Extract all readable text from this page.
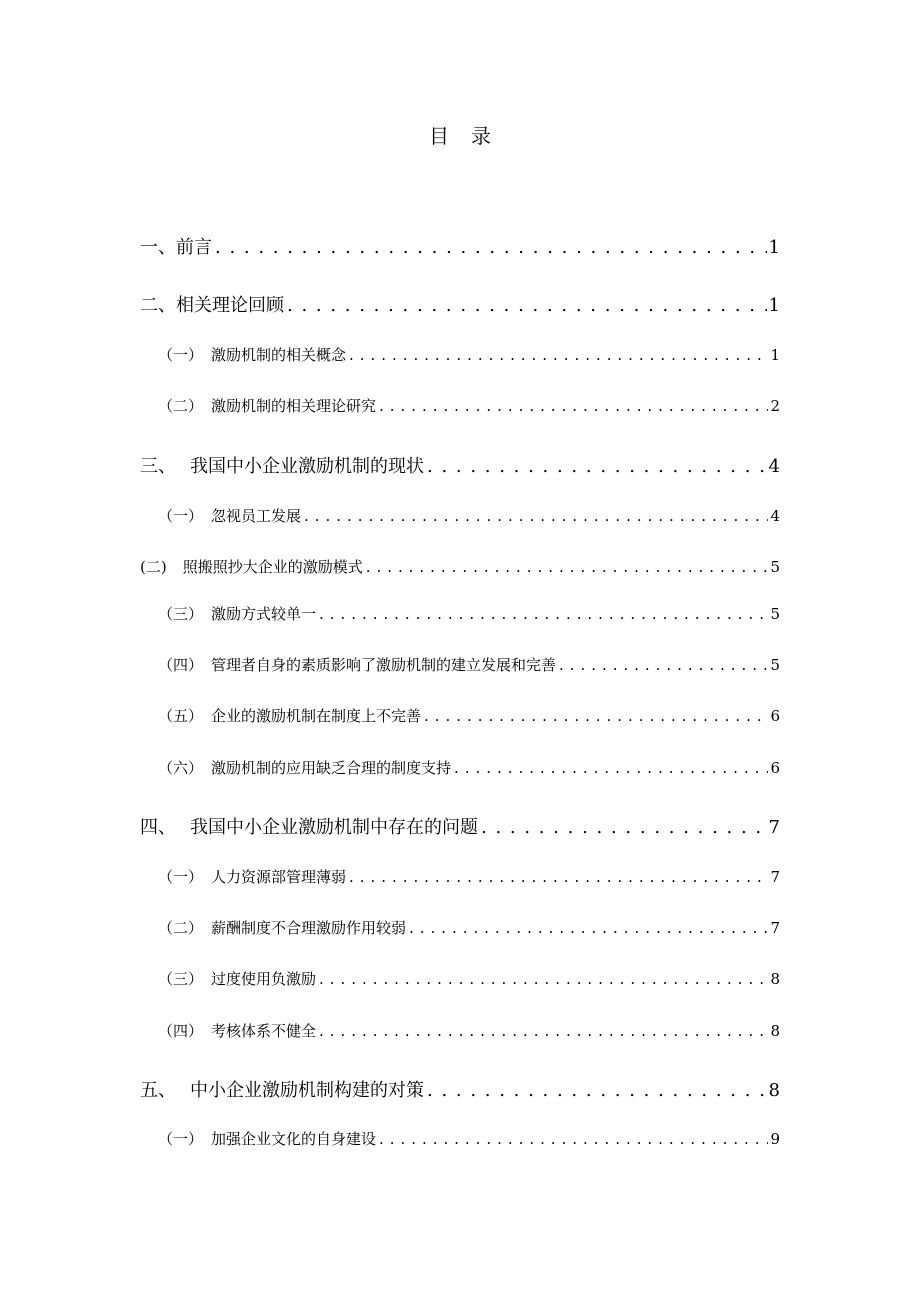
目 录
一、 前言 . . .	1
二、 相关理论回顾 . . .	1
（一） 激励机制的相关概念 . . .	1
（二） 激励机制的相关理论研究 . . .	2
三、 我国中小企业激励机制的现状 . . .	4
（一） 忽视员工发展 . . .	4
(二) 照搬照抄大企业的激励模式 . . .	5
（三） 激励方式较单一 . . .	5
（四） 管理者自身的素质影响了激励机制的建立发展和完善 . . .	5
（五） 企业的激励机制在制度上不完善 . . .	6
（六） 激励机制的应用缺乏合理的制度支持 . . .	6
四、 我国中小企业激励机制中存在的问题 . . .	7
（一） 人力资源部管理薄弱 . . .	7
（二） 薪酬制度不合理激励作用较弱 . . .	7
（三） 过度使用负激励 . . .	8
（四） 考核体系不健全 . . .	8
五、 中小企业激励机制构建的对策 . . .	8
（一） 加强企业文化的自身建设 . . .	9
